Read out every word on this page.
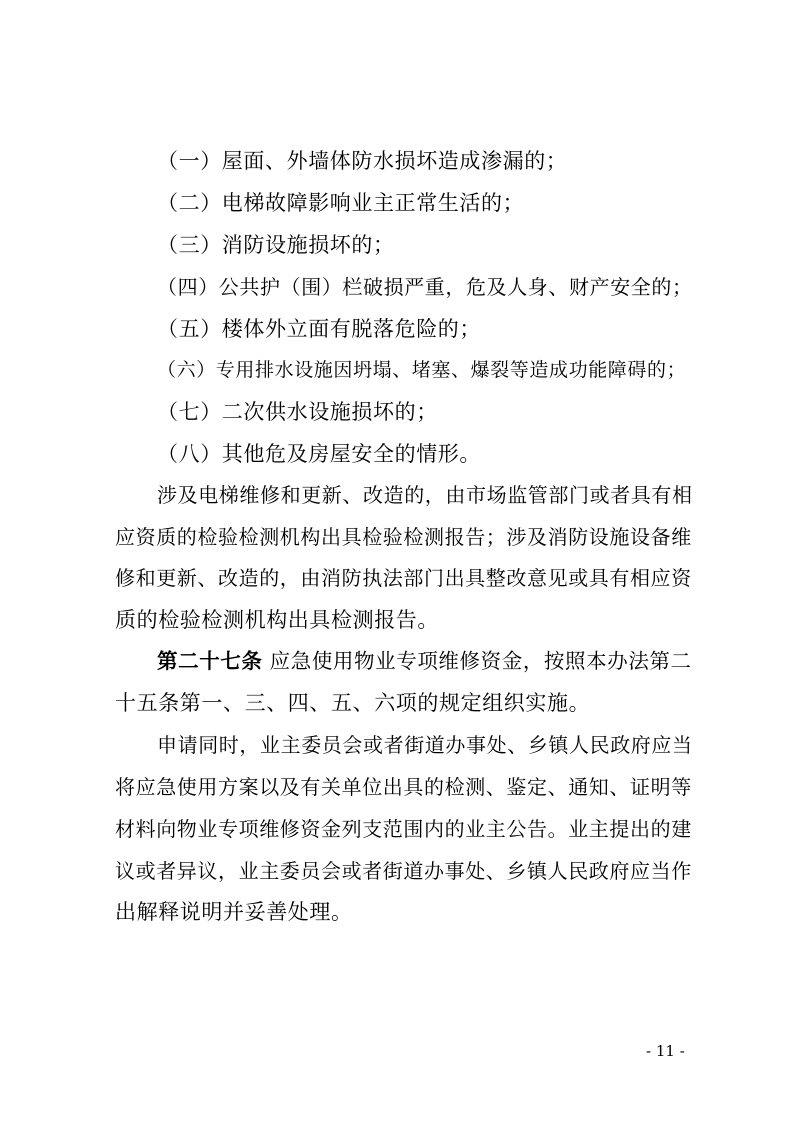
（一）屋面、外墙体防水损坏造成渗漏的；
（二）电梯故障影响业主正常生活的；
（三）消防设施损坏的；
（四）公共护（围）栏破损严重，危及人身、财产安全的；
（五）楼体外立面有脱落危险的；
（六）专用排水设施因坍塌、堵塞、爆裂等造成功能障碍的；
（七）二次供水设施损坏的；
（八）其他危及房屋安全的情形。
涉及电梯维修和更新、改造的，由市场监管部门或者具有相
应资质的检验检测机构出具检验检测报告；涉及消防设施设备维
修和更新、改造的，由消防执法部门出具整改意见或具有相应资
质的检验检测机构出具检测报告。
第二十七条 应急使用物业专项维修资金，按照本办法第二
十五条第一、三、四、五、六项的规定组织实施。
申请同时，业主委员会或者街道办事处、乡镇人民政府应当
将应急使用方案以及有关单位出具的检测、鉴定、通知、证明等
材料向物业专项维修资金列支范围内的业主公告。业主提出的建
议或者异议，业主委员会或者街道办事处、乡镇人民政府应当作
出解释说明并妥善处理。
- 11 -
